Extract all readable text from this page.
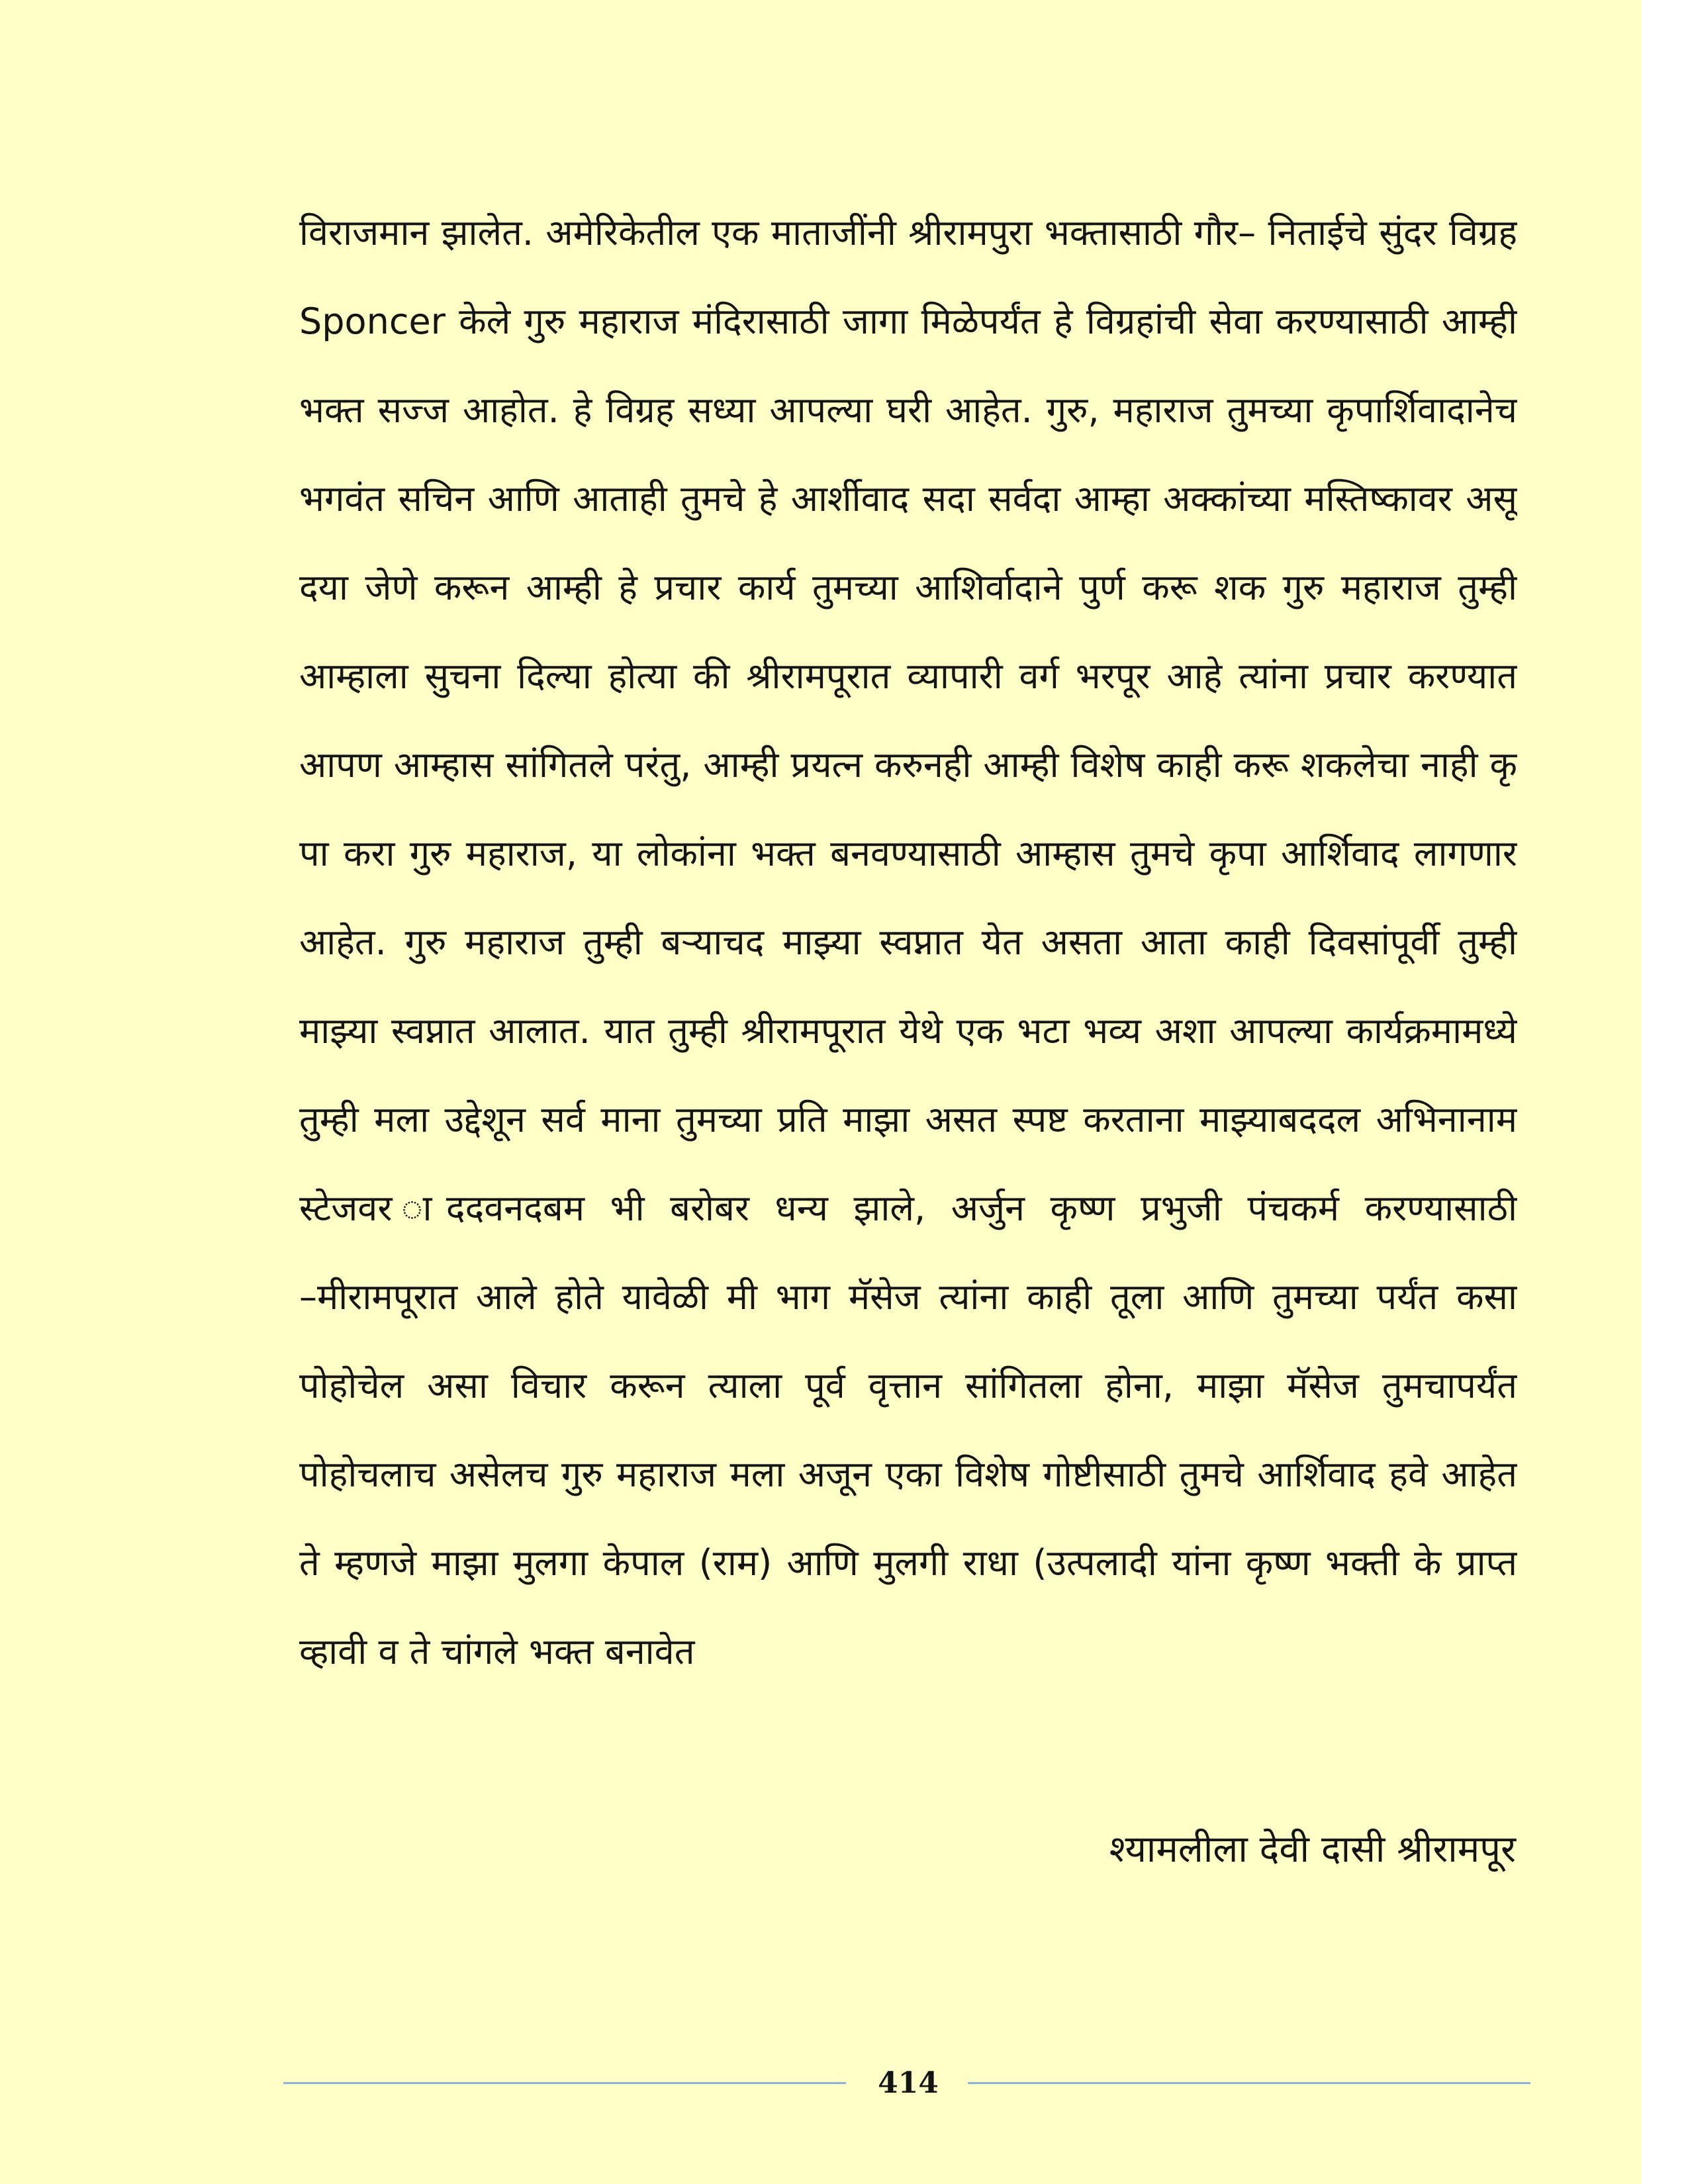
विराजमान झालेत. अमेरिकेतील एक माताजींनी श्रीरामपुरा भक्तासाठी गौर– निताईचे सुंदर विग्रह
Sponcer केले गुरु महाराज मंदिरासाठी जागा मिळेपर्यंत हे विग्रहांची सेवा करण्यासाठी आम्ही
भक्त सज्ज आहोत. हे विग्रह सध्या आपल्या घरी आहेत. गुरु, महाराज तुमच्या कृपार्शिवादानेच
भगवंत सचिन आणि आताही तुमचे हे आर्शीवाद सदा सर्वदा आम्हा अक्कांच्या मस्तिष्कावर असू
दया जेणे करून आम्ही हे प्रचार कार्य तुमच्या आशिर्वादाने पुर्ण करू शक गुरु महाराज तुम्ही
आम्हाला सुचना दिल्या होत्या की श्रीरामपूरात व्यापारी वर्ग भरपूर आहे त्यांना प्रचार करण्यात
आपण आम्हास सांगितले परंतु, आम्ही प्रयत्न करुनही आम्ही विशेष काही करू शकलेचा नाही कृ
पा करा गुरु महाराज, या लोकांना भक्त बनवण्यासाठी आम्हास तुमचे कृपा आर्शिवाद लागणार
आहेत. गुरु महाराज तुम्ही बऱ्याचद माझ्या स्वप्नात येत असता आता काही दिवसांपूर्वी तुम्ही
माझ्या स्वप्नात आलात. यात तुम्ही श्रीरामपूरात येथे एक भटा भव्य अशा आपल्या कार्यक्रमामध्ये
तुम्ही मला उद्देशून सर्व माना तुमच्या प्रति माझा असत स्पष्ट करताना माझ्याबददल अभिनानाम
स्टेजवर ाददवनदबम भी बरोबर धन्य झाले, अर्जुन कृष्ण प्रभुजी पंचकर्म करण्यासाठी
–मीरामपूरात आले होते यावेळी मी भाग मॅसेज त्यांना काही तूला आणि तुमच्या पर्यंत कसा
पोहोचेल असा विचार करून त्याला पूर्व वृत्तान सांगितला होना, माझा मॅसेज तुमचापर्यंत
पोहोचलाच असेलच गुरु महाराज मला अजून एका विशेष गोष्टीसाठी तुमचे आर्शिवाद हवे आहेत
ते म्हणजे माझा मुलगा केपाल (राम) आणि मुलगी राधा (उत्पलादी यांना कृष्ण भक्ती के प्राप्त
व्हावी व ते चांगले भक्त बनावेत
श्यामलीला देवी दासी श्रीरामपूर
414
